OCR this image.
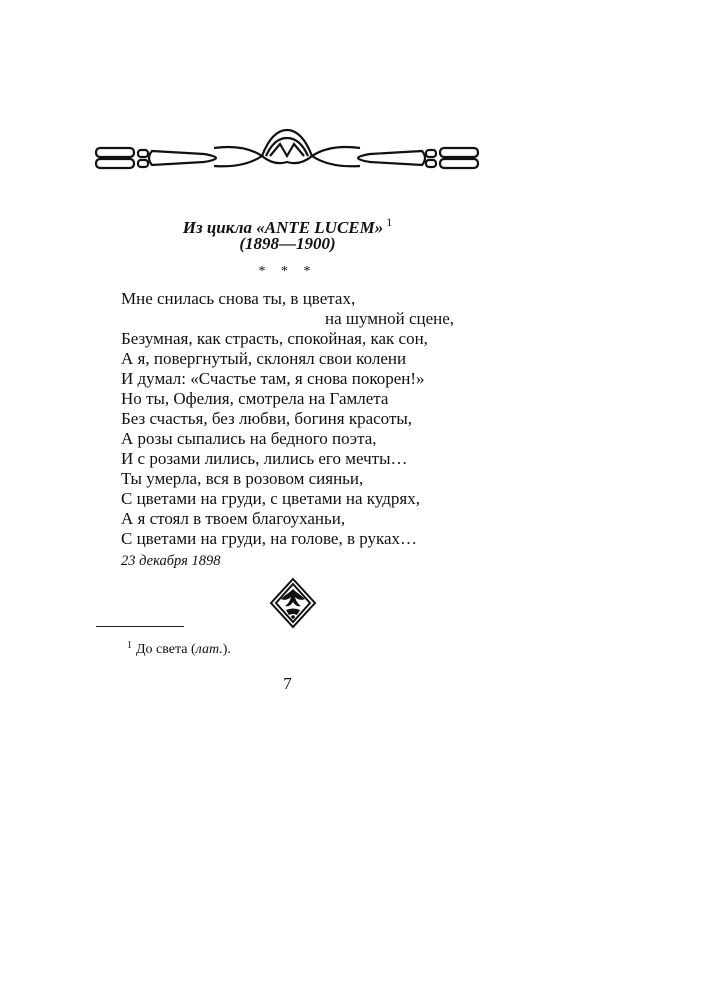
Из цикла «ANTE LUCEM» $^1$
(1898—1900)
* * *
Мне снилась снова ты, в цветах,
на шумной сцене,
Безумная, как страсть, спокойная, как сон,
А я, повергнутый, склонял свои колени
И думал: «Счастье там, я снова покорен!»
Но ты, Офелия, смотрела на Гамлета
Без счастья, без любви, богиня красоты,
А розы сыпались на бедного поэта,
И с розами лились, лились его мечты…
Ты умерла, вся в розовом сияньи,
С цветами на груди, с цветами на кудрях,
А я стоял в твоем благоуханьи,
С цветами на груди, на голове, в руках…
23 декабря 1898
$^1$ До света (лат.).
7
